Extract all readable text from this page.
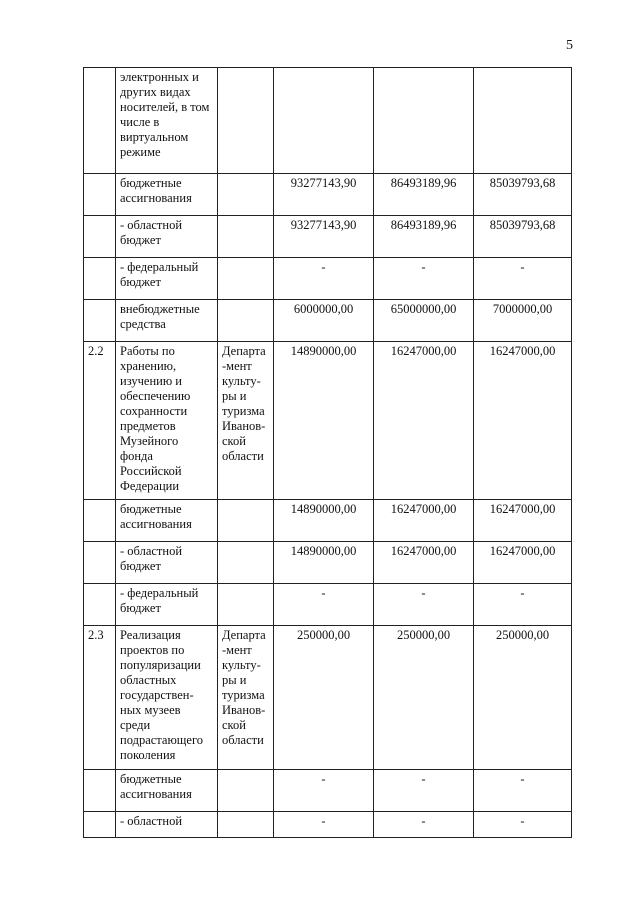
5
	электронных и других видах носителей, в том числе в виртуальном режиме				
	бюджетные ассигнования		93277143,90	86493189,96	85039793,68
	- областной бюджет		93277143,90	86493189,96	85039793,68
	- федеральный бюджет		-	-	-
	внебюджетные средства		6000000,00	65000000,00	7000000,00
2.2	Работы по хранению, изучению и обеспечению сохранности предметов Музейного фонда Российской Федерации	Департа-мент культу-ры и туризма Иванов-ской области	14890000,00	16247000,00	16247000,00
	бюджетные ассигнования		14890000,00	16247000,00	16247000,00
	- областной бюджет		14890000,00	16247000,00	16247000,00
	- федеральный бюджет		-	-	-
2.3	Реализация проектов по популяризации областных государствен-ных музеев среди подрастающего поколения	Департа-мент культу-ры и туризма Иванов-ской области	250000,00	250000,00	250000,00
	бюджетные ассигнования		-	-	-
	- областной		-	-	-
